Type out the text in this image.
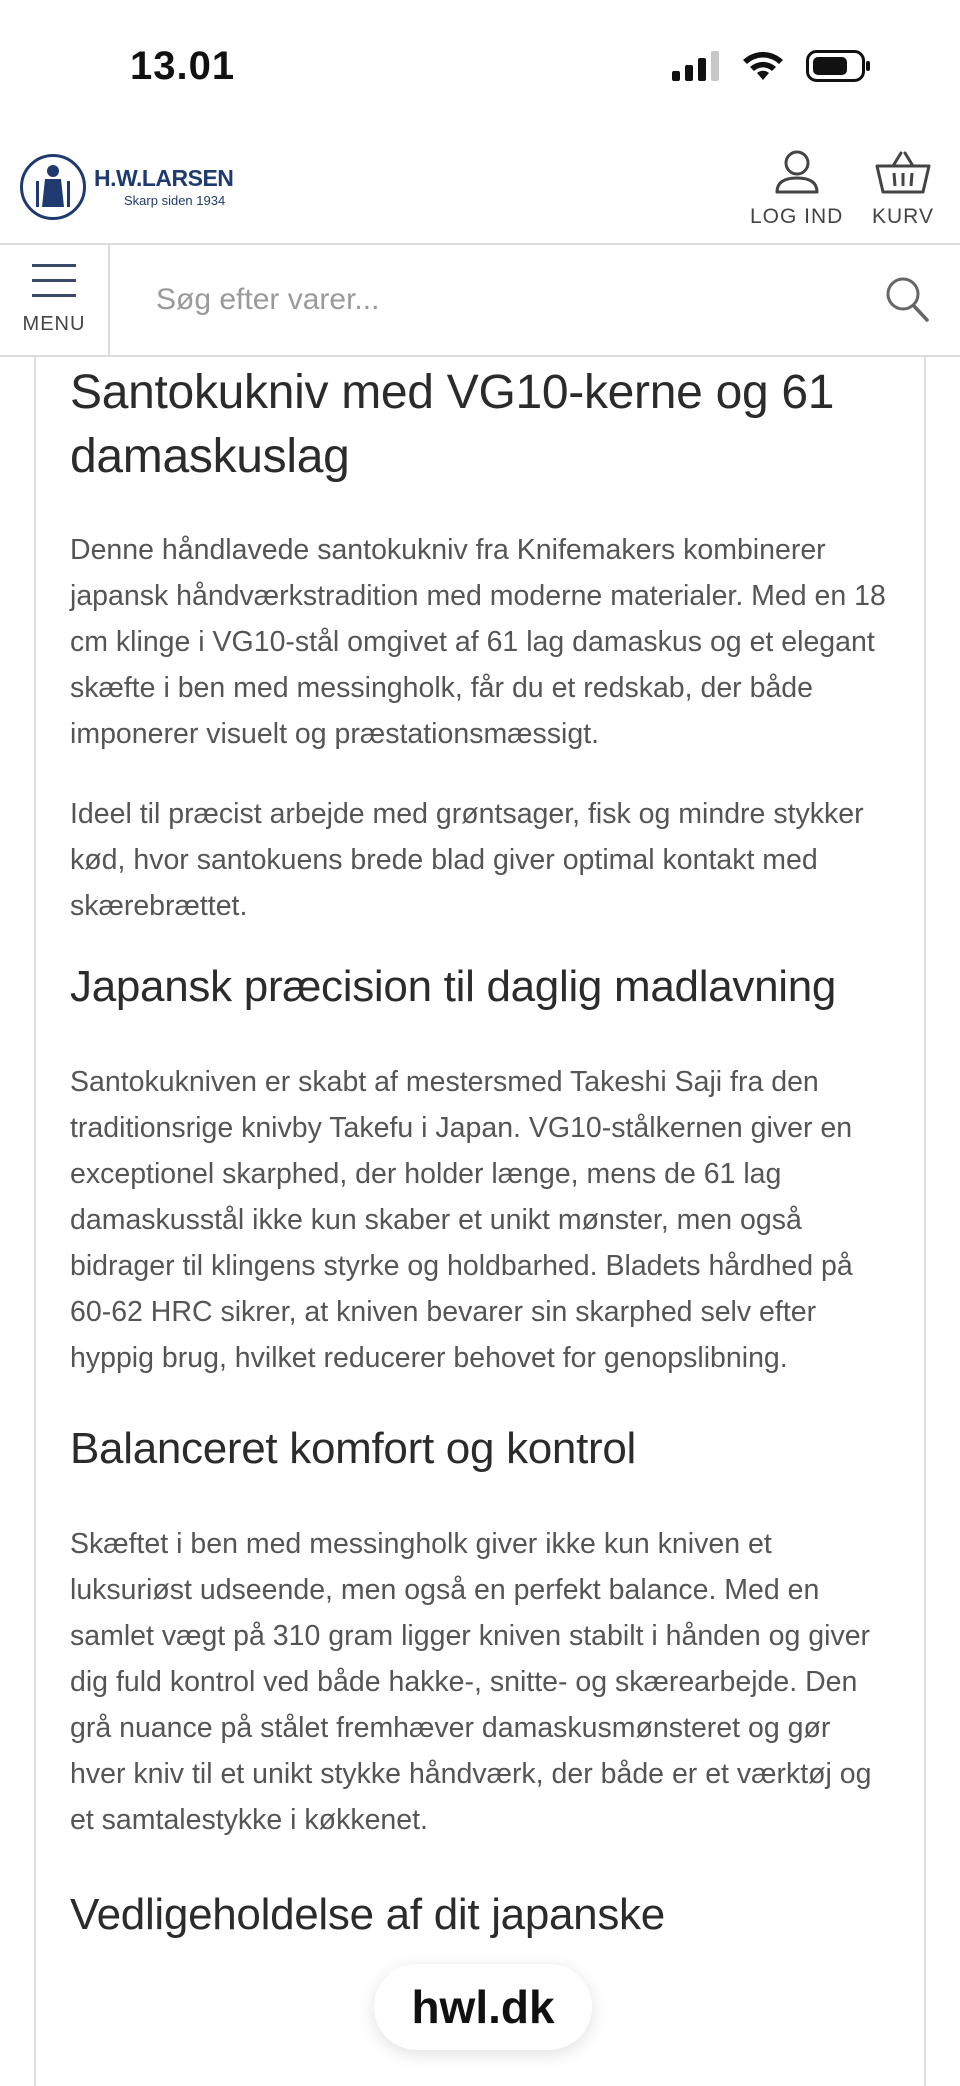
13.01
H.W.LARSEN
Skarp siden 1934
LOG IND KURV
MENU
Søg efter varer...
Santokukniv med VG10-kerne og 61 damaskuslag

Denne håndlavede santokukniv fra Knifemakers kombinerer japansk håndværkstradition med moderne materialer. Med en 18 cm klinge i VG10-stål omgivet af 61 lag damaskus og et elegant skæfte i ben med messingholk, får du et redskab, der både imponerer visuelt og præstationsmæssigt.

Ideel til præcist arbejde med grøntsager, fisk og mindre stykker kød, hvor santokuens brede blad giver optimal kontakt med skærebrættet.

Japansk præcision til daglig madlavning

Santokukniven er skabt af mestersmed Takeshi Saji fra den traditionsrige knivby Takefu i Japan. VG10-stålkernen giver en exceptionel skarphed, der holder længe, mens de 61 lag damaskusstål ikke kun skaber et unikt mønster, men også bidrager til klingens styrke og holdbarhed. Bladets hårdhed på 60-62 HRC sikrer, at kniven bevarer sin skarphed selv efter hyppig brug, hvilket reducerer behovet for genopslibning.

Balanceret komfort og kontrol

Skæftet i ben med messingholk giver ikke kun kniven et luksuriøst udseende, men også en perfekt balance. Med en samlet vægt på 310 gram ligger kniven stabilt i hånden og giver dig fuld kontrol ved både hakke-, snitte- og skærearbejde. Den grå nuance på stålet fremhæver damaskusmønsteret og gør hver kniv til et unikt stykke håndværk, der både er et værktøj og et samtalestykke i køkkenet.

Vedligeholdelse af dit japanske
hwl.dk
